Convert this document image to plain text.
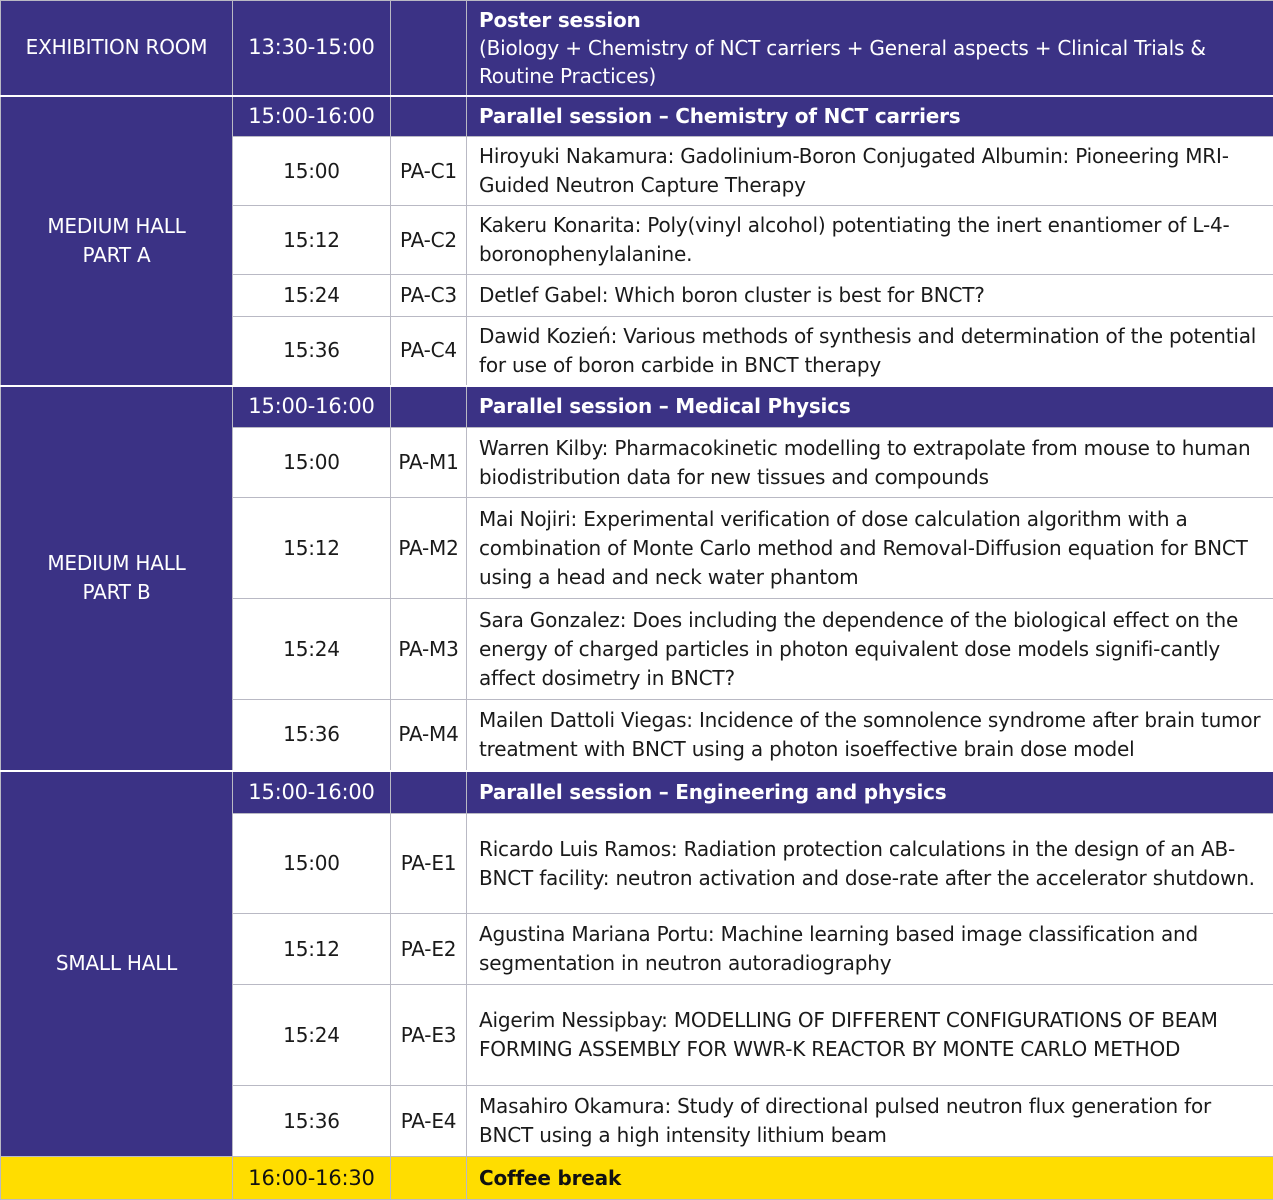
EXHIBITION ROOM	13:30-15:00		Poster session
(Biology + Chemistry of NCT carriers + General aspects + Clinical Trials & Routine Practices)

MEDIUM HALL
PART A	15:00-16:00		Parallel session – Chemistry of NCT carriers
	15:00	PA-C1	Hiroyuki Nakamura: Gadolinium-Boron Conjugated Albumin: Pioneering MRI-Guided Neutron Capture Therapy
	15:12	PA-C2	Kakeru Konarita: Poly(vinyl alcohol) potentiating the inert enantiomer of L-4-boronophenylalanine.
	15:24	PA-C3	Detlef Gabel: Which boron cluster is best for BNCT?
	15:36	PA-C4	Dawid Kozień: Various methods of synthesis and determination of the potential for use of boron carbide in BNCT therapy
MEDIUM HALL
PART B	15:00-16:00		Parallel session – Medical Physics
	15:00	PA-M1	Warren Kilby: Pharmacokinetic modelling to extrapolate from mouse to human biodistribution data for new tissues and compounds
	15:12	PA-M2	Mai Nojiri: Experimental verification of dose calculation algorithm with a combination of Monte Carlo method and Removal-Diffusion equation for BNCT using a head and neck water phantom
	15:24	PA-M3	Sara Gonzalez: Does including the dependence of the biological effect on the energy of charged particles in photon equivalent dose models signifi-cantly affect dosimetry in BNCT?
	15:36	PA-M4	Mailen Dattoli Viegas: Incidence of the somnolence syndrome after brain tumor treatment with BNCT using a photon isoeffective brain dose model
SMALL HALL	15:00-16:00		Parallel session – Engineering and physics
	15:00	PA-E1	Ricardo Luis Ramos: Radiation protection calculations in the design of an AB-BNCT facility: neutron activation and dose-rate after the accelerator shutdown.
	15:12	PA-E2	Agustina Mariana Portu: Machine learning based image classification and segmentation in neutron autoradiography
	15:24	PA-E3	Aigerim Nessipbay: MODELLING OF DIFFERENT CONFIGURATIONS OF BEAM FORMING ASSEMBLY FOR WWR-K REACTOR BY MONTE CARLO METHOD
	15:36	PA-E4	Masahiro Okamura: Study of directional pulsed neutron flux generation for BNCT using a high intensity lithium beam
	16:00-16:30		Coffee break
